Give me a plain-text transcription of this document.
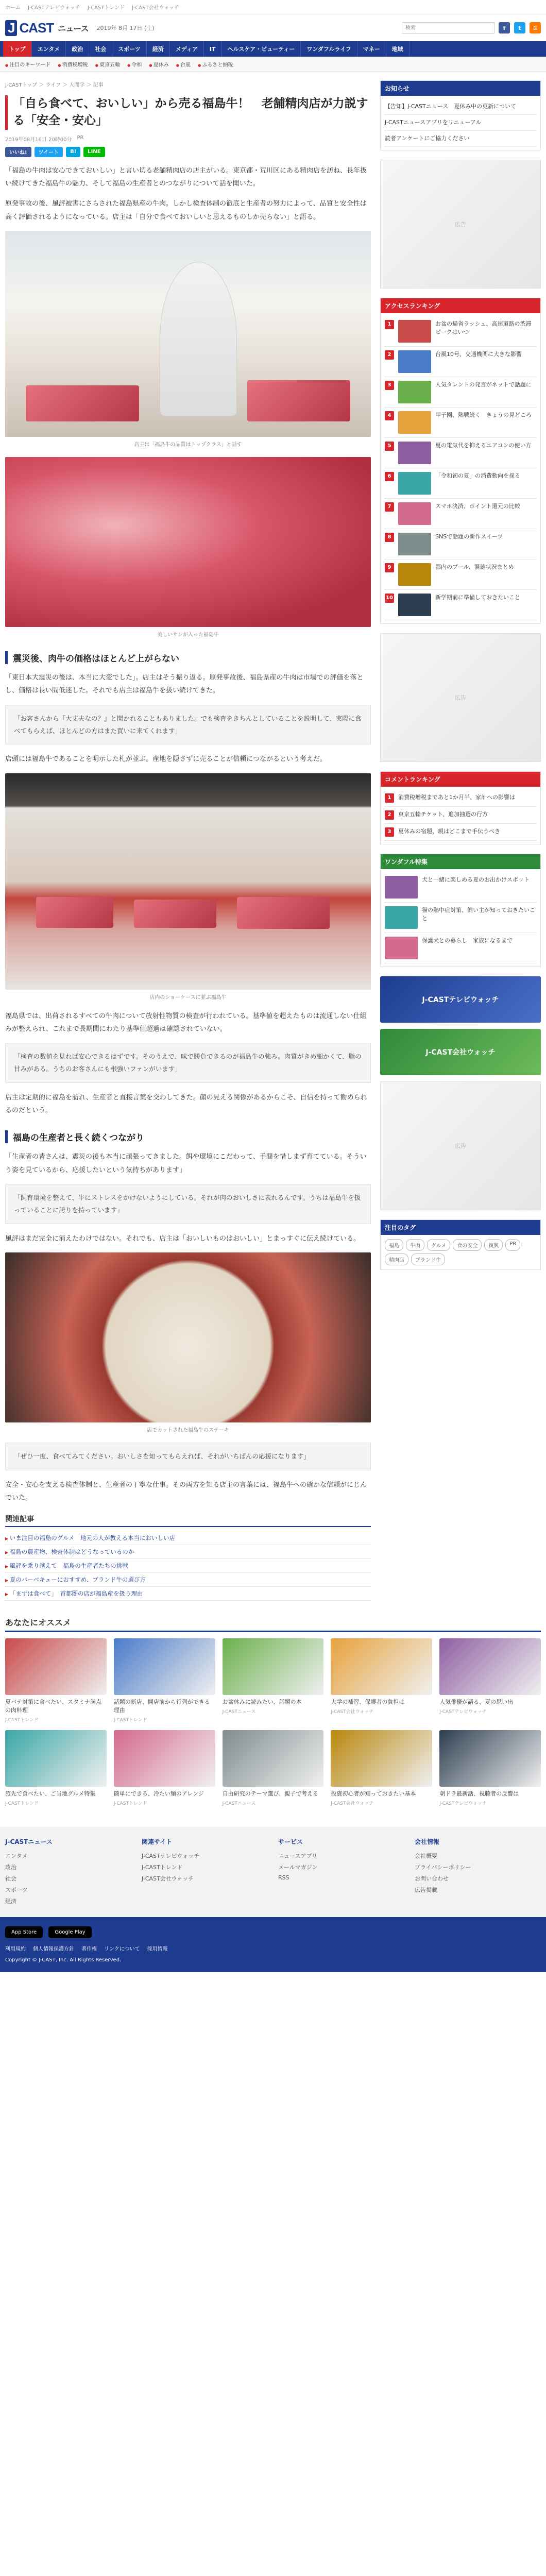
ホーム J-CASTテレビウォッチ J-CASTトレンド J-CAST会社ウォッチ
J CAST ニュース 2019年 8月 17日 (土)
検索	f	t	≋
トップ	エンタメ	政治	社会	スポーツ	経済	メディア	IT	ヘルスケア・ビューティー	ワンダフルライフ	マネー	地域
● 注目のキーワード	● 消費税増税	● 東京五輪	● 令和	● 夏休み	● 台風	● ふるさと納税
J-CASTトップ ＞ ライフ ＞ 人間学 ＞ 記事
「自ら食べて、おいしい」から売る福島牛！　老舗精肉店が力説する「安全・安心」
2019年08月16日 20時00分 PR
いいね!	ツイート	B!	LINE

「福島の牛肉は安心できておいしい」と言い切る老舗精肉店の店主がいる。東京都・荒川区にある精肉店を訪ね、長年扱い続けてきた福島牛の魅力、そして福島の生産者とのつながりについて話を聞いた。

原発事故の後、風評被害にさらされた福島県産の牛肉。しかし検査体制の徹底と生産者の努力によって、品質と安全性は高く評価されるようになっている。店主は「自分で食べておいしいと思えるものしか売らない」と語る。

店主は「福島牛の品質はトップクラス」と話す
美しいサシが入った福島牛
震災後、肉牛の価格はほとんど上がらない

「東日本大震災の後は、本当に大変でした」。店主はそう振り返る。原発事故後、福島県産の牛肉は市場での評価を落とし、価格は長い間低迷した。それでも店主は福島牛を扱い続けてきた。

「お客さんから『大丈夫なの？』と聞かれることもありました。でも検査をきちんとしていることを説明して、実際に食べてもらえば、ほとんどの方はまた買いに来てくれます」

店頭には福島牛であることを明示した札が並ぶ。産地を隠さずに売ることが信頼につながるという考えだ。

店内のショーケースに並ぶ福島牛

福島県では、出荷されるすべての牛肉について放射性物質の検査が行われている。基準値を超えたものは流通しない仕組みが整えられ、これまで長期間にわたり基準値超過は確認されていない。

「検査の数値を見れば安心できるはずです。そのうえで、味で勝負できるのが福島牛の強み。肉質がきめ細かくて、脂の甘みがある。うちのお客さんにも根強いファンがいます」

店主は定期的に福島を訪れ、生産者と直接言葉を交わしてきた。顔の見える関係があるからこそ、自信を持って勧められるのだという。

福島の生産者と長く続くつながり

「生産者の皆さんは、震災の後も本当に頑張ってきました。餌や環境にこだわって、手間を惜しまず育てている。そういう姿を見ているから、応援したいという気持ちがあります」

「飼育環境を整えて、牛にストレスをかけないようにしている。それが肉のおいしさに表れるんです。うちは福島牛を扱っていることに誇りを持っています」

風評はまだ完全に消えたわけではない。それでも、店主は「おいしいものはおいしい」とまっすぐに伝え続けている。

店でカットされた福島牛のステーキ
「ぜひ一度、食べてみてください。おいしさを知ってもらえれば、それがいちばんの応援になります」

安全・安心を支える検査体制と、生産者の丁寧な仕事。その両方を知る店主の言葉には、福島牛への確かな信頼がにじんでいた。

関連記事
▶ いま注目の福島のグルメ　地元の人が教える本当においしい店
▶ 福島の農産物、検査体制はどうなっているのか
▶ 風評を乗り越えて　福島の生産者たちの挑戦
▶ 夏のバーベキューにおすすめ、ブランド牛の選び方
▶ 「まずは食べて」　首都圏の店が福島産を扱う理由
お知らせ
【告知】J-CASTニュース　夏休み中の更新について
J-CASTニュースアプリをリニューアル
読者アンケートにご協力ください
広告
アクセスランキング
1	お盆の帰省ラッシュ、高速道路の渋滞ピークはいつ
2	台風10号、交通機関に大きな影響
3	人気タレントの発言がネットで話題に
4	甲子園、熱戦続く　きょうの見どころ
5	夏の電気代を抑えるエアコンの使い方
6	「令和初の夏」の消費動向を探る
7	スマホ決済、ポイント還元の比較
8	SNSで話題の新作スイーツ
9	都内のプール、混雑状況まとめ
10	新学期前に準備しておきたいこと
広告
コメントランキング
1	消費税増税まであと1か月半、家計への影響は
2	東京五輪チケット、追加抽選の行方
3	夏休みの宿題、親はどこまで手伝うべき
ワンダフル特集
犬と一緒に楽しめる夏のお出かけスポット
猫の熱中症対策、飼い主が知っておきたいこと
保護犬との暮らし　家族になるまで
J-CASTテレビウォッチ
J-CAST会社ウォッチ
広告
注目のタグ
福島	牛肉	グルメ	食の安全	復興	PR
精肉店	ブランド牛
あなたにオススメ
夏バテ対策に食べたい、スタミナ満点の肉料理
J-CASTトレンド
話題の新店、開店前から行列ができる理由
J-CASTトレンド
お盆休みに読みたい、話題の本
J-CASTニュース
大学の補習、保護者の負担は
J-CAST会社ウォッチ
人気俳優が語る、夏の思い出
J-CASTテレビウォッチ
旅先で食べたい、ご当地グルメ特集
J-CASTトレンド
簡単にできる、冷たい麺のアレンジ
J-CASTトレンド
自由研究のテーマ選び、親子で考える
J-CASTニュース
投資初心者が知っておきたい基本
J-CAST会社ウォッチ
朝ドラ最新話、視聴者の反響は
J-CASTテレビウォッチ
J-CASTニュース
エンタメ
政治
社会
スポーツ
経済
関連サイト
J-CASTテレビウォッチ
J-CASTトレンド
J-CAST会社ウォッチ
サービス
ニュースアプリ
メールマガジン
RSS
会社情報
会社概要
プライバシーポリシー
お問い合わせ
広告掲載
App Store	Google Play
利用規約 個人情報保護方針 著作権 リンクについて 採用情報
Copyright © J-CAST, Inc. All Rights Reserved.
